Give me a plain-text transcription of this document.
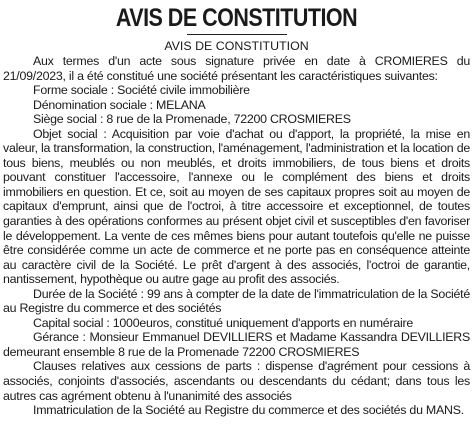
AVIS DE CONSTITUTION

AVIS DE CONSTITUTION

Aux termes d'un acte sous signature privée en date à CROMIERES du 21/09/2023, il a été constitué une société présentant les caractéristiques suivantes:

Forme sociale : Société civile immobilière

Dénomination sociale : MELANA

Siège social : 8 rue de la Promenade, 72200 CROSMIERES

Objet social : Acquisition par voie d'achat ou d'apport, la propriété, la mise en valeur, la transformation, la construction, l'aménagement, l'administration et la location de tous biens, meublés ou non meublés, et droits immobiliers, de tous biens et droits pouvant constituer l'accessoire, l'annexe ou le complément des biens et droits immobiliers en question. Et ce, soit au moyen de ses capitaux propres soit au moyen de capitaux d'emprunt, ainsi que de l'octroi, à titre accessoire et exceptionnel, de toutes garanties à des opérations conformes au présent objet civil et susceptibles d'en favoriser le développement. La vente de ces mêmes biens pour autant toutefois qu'elle ne puisse être considérée comme un acte de commerce et ne porte pas en conséquence atteinte au caractère civil de la Société. Le prêt d'argent à des associés, l'octroi de garantie, nantissement, hypothèque ou autre gage au profit des associés.

Durée de la Société : 99 ans à compter de la date de l'immatriculation de la Société au Registre du commerce et des sociétés

Capital social : 1000euros, constitué uniquement d'apports en numéraire

Gérance : Monsieur Emmanuel DEVILLIERS et Madame Kassandra DEVILLIERS demeurant ensemble 8 rue de la Promenade 72200 CROSMIERES

Clauses relatives aux cessions de parts : dispense d'agrément pour cessions à associés, conjoints d'associés, ascendants ou descendants du cédant; dans tous les autres cas agrément obtenu à l'unanimité des associés

Immatriculation de la Société au Registre du commerce et des sociétés du MANS.
